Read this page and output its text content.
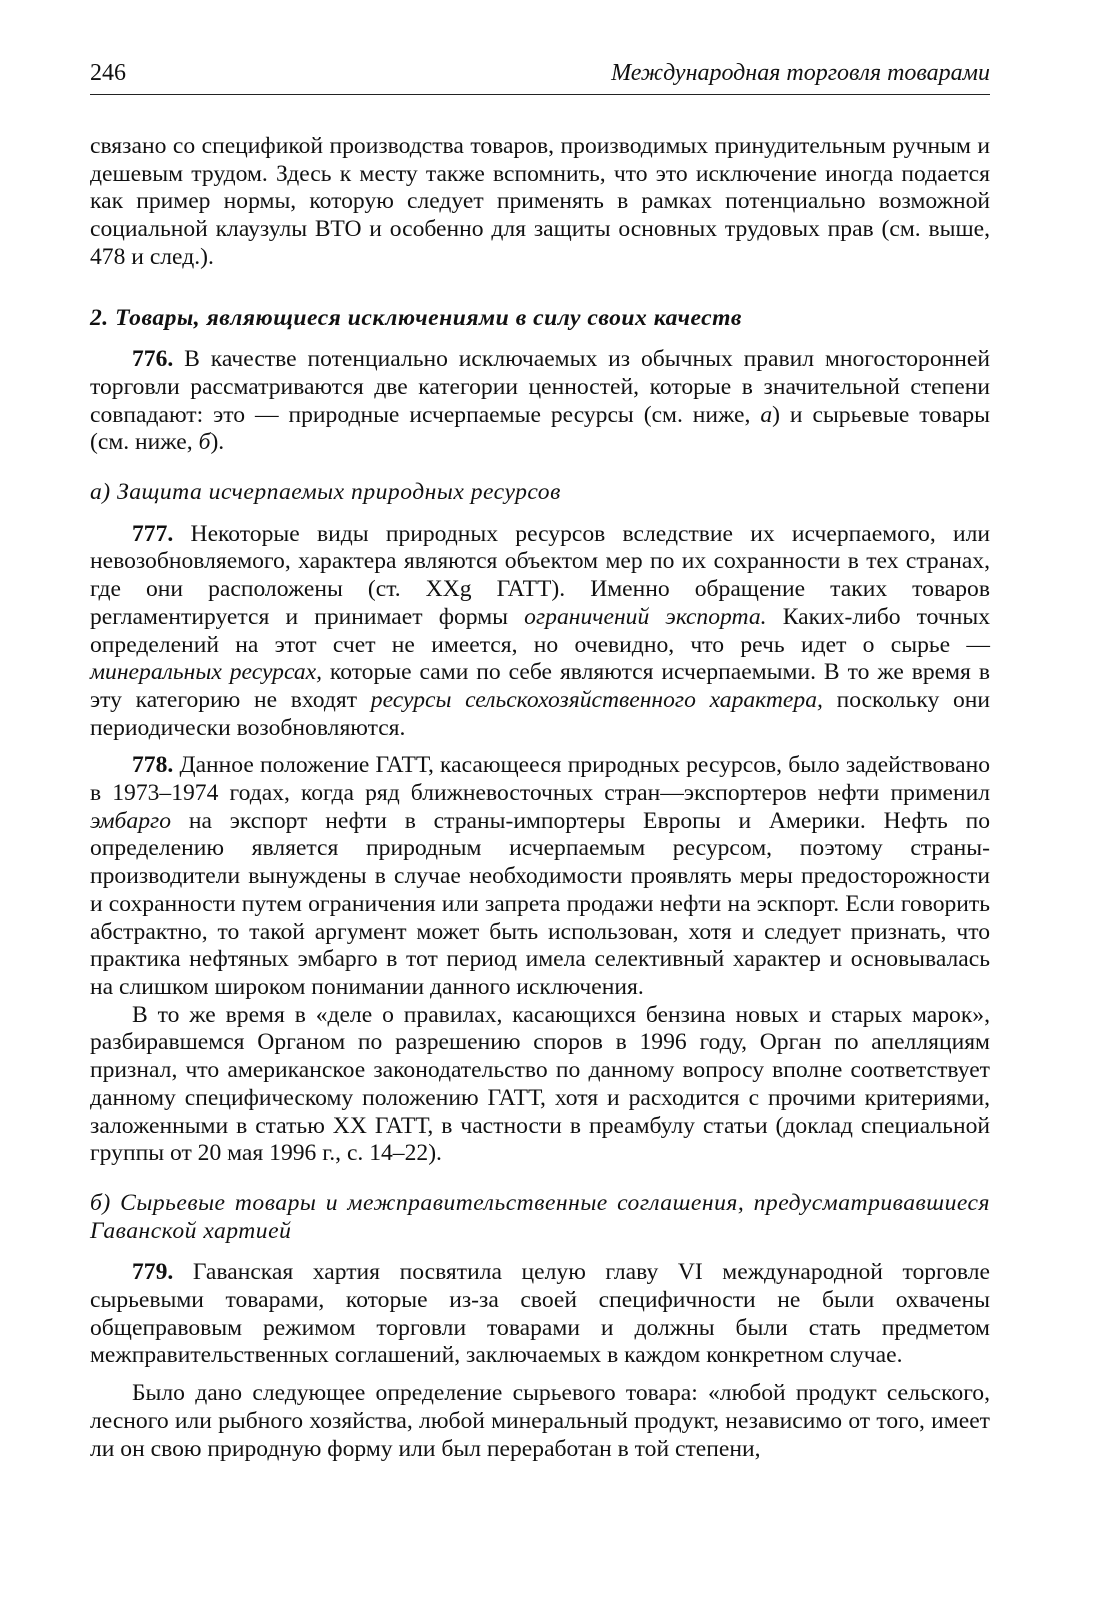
246	Международная торговля товарами

связано со спецификой производства товаров, производимых принудительным ручным и дешевым трудом. Здесь к месту также вспомнить, что это исключение иногда подается как пример нормы, которую следует применять в рамках потенциально возможной социальной клаузулы ВТО и особенно для защиты основных трудовых прав (см. выше, 478 и след.).

2. Товары, являющиеся исключениями в силу своих качеств

776. В качестве потенциально исключаемых из обычных правил многосторонней торговли рассматриваются две категории ценностей, которые в значительной степени совпадают: это — природные исчерпаемые ресурсы (см. ниже, а) и сырьевые товары (см. ниже, б).

а) Защита исчерпаемых природных ресурсов

777. Некоторые виды природных ресурсов вследствие их исчерпаемого, или невозобновляемого, характера являются объектом мер по их сохранности в тех странах, где они расположены (ст. XXg ГАТТ). Именно обращение таких товаров регламентируется и принимает формы ограничений экспорта. Каких-либо точных определений на этот счет не имеется, но очевидно, что речь идет о сырье — минеральных ресурсах, которые сами по себе являются исчерпаемыми. В то же время в эту категорию не входят ресурсы сельскохозяйственного характера, поскольку они периодически возобновляются.

778. Данное положение ГАТТ, касающееся природных ресурсов, было задействовано в 1973–1974 годах, когда ряд ближневосточных стран—экспортеров нефти применил эмбарго на экспорт нефти в страны-импортеры Европы и Америки. Нефть по определению является природным исчерпаемым ресурсом, поэтому страны-производители вынуждены в случае необходимости проявлять меры предосторожности и сохранности путем ограничения или запрета продажи нефти на эскпорт. Если говорить абстрактно, то такой аргумент может быть использован, хотя и следует признать, что практика нефтяных эмбарго в тот период имела селективный характер и основывалась на слишком широком понимании данного исключения.

В то же время в «деле о правилах, касающихся бензина новых и старых марок», разбиравшемся Органом по разрешению споров в 1996 году, Орган по апелляциям признал, что американское законодательство по данному вопросу вполне соответствует данному специфическому положению ГАТТ, хотя и расходится с прочими критериями, заложенными в статью XX ГАТТ, в частности в преамбулу статьи (доклад специальной группы от 20 мая 1996 г., с. 14–22).

б) Сырьевые товары и межправительственные соглашения, предусматривавшиеся Гаванской хартией

779. Гаванская хартия посвятила целую главу VI международной торговле сырьевыми товарами, которые из-за своей специфичности не были охвачены общеправовым режимом торговли товарами и должны были стать предметом межправительственных соглашений, заключаемых в каждом конкретном случае.

Было дано следующее определение сырьевого товара: «любой продукт сельского, лесного или рыбного хозяйства, любой минеральный продукт, независимо от того, имеет ли он свою природную форму или был переработан в той степени,
